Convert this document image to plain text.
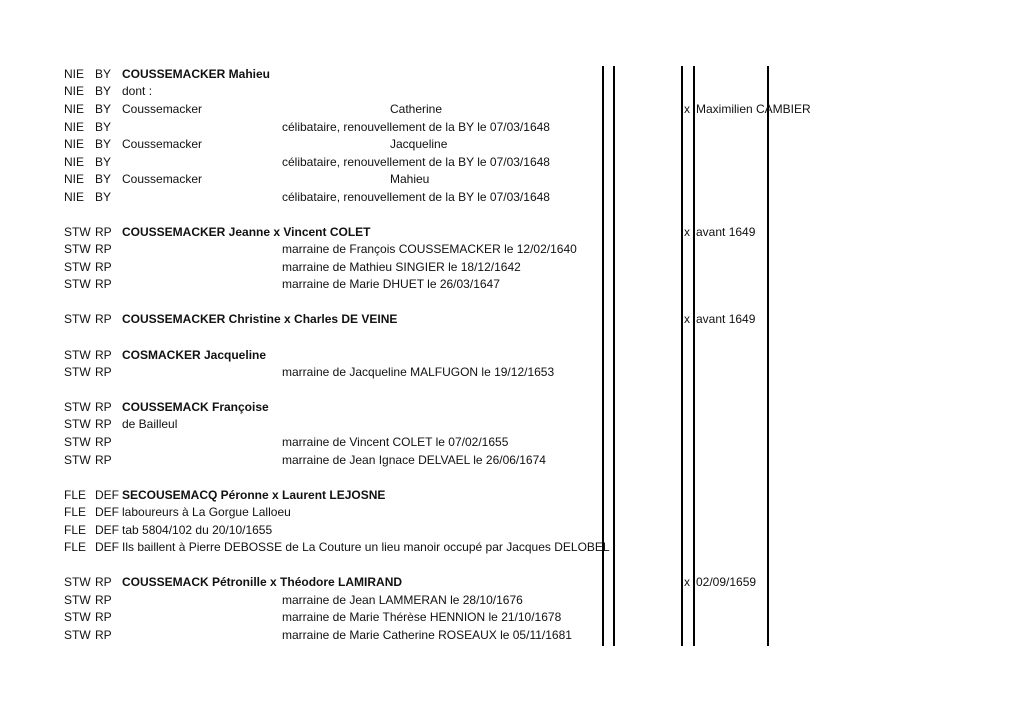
NIE BY COUSSEMACKER Mahieu
NIE BY dont :
NIE BY Coussemacker	Catherine	x Maximilien CAMBIER
NIE BY	célibataire, renouvellement de la BY le 07/03/1648
NIE BY Coussemacker	Jacqueline
NIE BY	célibataire, renouvellement de la BY le 07/03/1648
NIE BY Coussemacker	Mahieu
NIE BY	célibataire, renouvellement de la BY le 07/03/1648
STW RP COUSSEMACKER Jeanne x Vincent COLET	x avant 1649
STW RP	marraine de François COUSSEMACKER le 12/02/1640
STW RP	marraine de Mathieu SINGIER le 18/12/1642
STW RP	marraine de Marie DHUET le 26/03/1647
STW RP COUSSEMACKER Christine x Charles DE VEINE	x avant 1649
STW RP COSMACKER Jacqueline
STW RP	marraine de Jacqueline MALFUGON le 19/12/1653
STW RP COUSSEMACK Françoise
STW RP de Bailleul
STW RP	marraine de Vincent COLET le 07/02/1655
STW RP	marraine de Jean Ignace DELVAEL le 26/06/1674
FLE DEF SECOUSEMACQ Péronne x Laurent LEJOSNE
FLE DEF laboureurs à La Gorgue Lalloeu
FLE DEF tab 5804/102 du 20/10/1655
FLE DEF Ils baillent à Pierre DEBOSSE de La Couture un lieu manoir occupé par Jacques DELOBEL
STW RP COUSSEMACK Pétronille x Théodore LAMIRAND	x 02/09/1659
STW RP	marraine de Jean LAMMERAN le 28/10/1676
STW RP	marraine de Marie Thérèse HENNION le 21/10/1678
STW RP	marraine de Marie Catherine ROSEAUX le 05/11/1681
